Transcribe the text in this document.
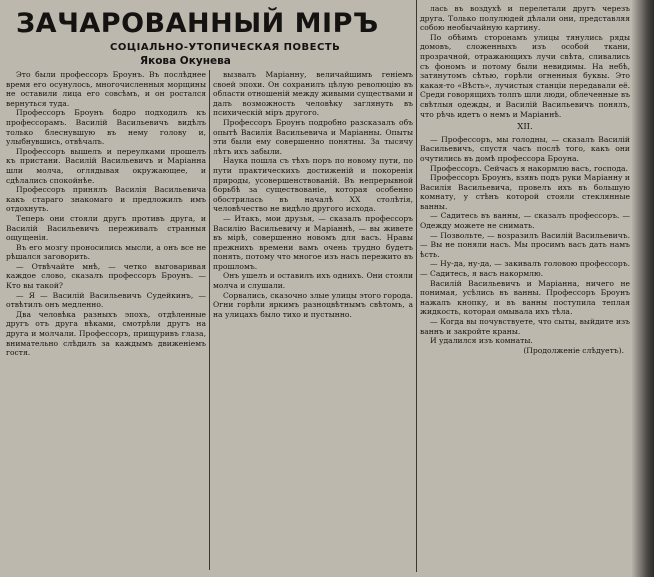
ЗАЧАРОВАННЫЙ МIРЪ
СОЦIАЛЬНО-УТОПИЧЕСКАЯ ПОВЕСТЬ
Якова Окунева

Это были профессоръ Броунъ. Въ послѣднее время его осунулось, многочисленныя морщины не оставили лица его совсѣмъ, и он ростался вернуться туда.

Профессоръ Броунъ бодро подходилъ къ профессорамъ. Василій Васильевичъ видѣлъ только блеснувшую въ нему голову и, улыбнувшись, отвѣчалъ.

Профессоръ вышелъ и переулками прошелъ къ пристани. Василій Васильевичъ и Марiанна шли молча, оглядывая окружающее, и сдѣлались спокойнѣе.

Профессоръ принялъ Василія Васильевича какъ стараго знакомаго и предложилъ имъ отдохнуть.

Теперь они стояли другъ противъ друга, и Василій Васильевичъ переживалъ странныя ощущенія.

Въ его мозгу проносились мысли, а онъ все не рѣшался заговорить.

— Отвѣчайте мнѣ, — четко выговаривая каждое слово, сказалъ профессоръ Броунъ. — Кто вы такой?

— Я — Василій Васильевичъ Судейкинъ, — отвѣтилъ онъ медленно.

Два человѣка разныхъ эпохъ, отдѣленные другъ отъ друга вѣками, смотрѣли другъ на друга и молчали. Профессоръ, прищуривъ глаза, внимательно слѣдилъ за каждымъ движенiемъ гостя.

вызвалъ Марiанну, величайшимъ генiемъ своей эпохи. Он сохранилъ цѣлую революцiю въ области отношенiй между живыми существами и далъ возможность человѣку заглянуть въ психическiй мiръ другого.

Профессоръ Броунъ подробно разсказалъ объ опытѣ Василія Васильевича и Марiанны. Опыты эти были ему совершенно понятны. За тысячу лѣтъ ихъ забыли.

Наука пошла съ тѣхъ поръ по новому пути, по пути практическихъ достиженiй и покоренiя природы, усовершенствованiй. Въ непрерывной борьбѣ за существованiе, которая особенно обострилась въ началѣ XX столѣтiя, человѣчество не видѣло другого исхода.

— Итакъ, мои друзья, — сказалъ профессоръ Василію Васильевичу и Марiаннѣ, — вы живете въ мiрѣ, совершенно новомъ для васъ. Нравы прежнихъ времени вамъ очень трудно будетъ понять, потому что многое изъ насъ пережито въ прошломъ.

Онъ ушелъ и оставилъ ихъ однихъ. Они стояли молча и слушали.

Сорвались, сказочно злые улицы этого города. Огни горѣли яркимъ разноцвѣтнымъ свѣтомъ, а на улицахъ было тихо и пустынно.

лась въ воздухѣ и перелетали другъ черезъ друга. Только полулюдей дѣлали они, представляя собою необычайную картину.

По обѣимъ сторонамъ улицы тянулись ряды домовъ, сложенныхъ изъ особой ткани, прозрачной, отражающихъ лучи свѣта, сливались съ фономъ и потому были невидимы. На небѣ, затянутомъ сѣтью, горѣли огненныя буквы. Это какая-то «Вѣсть», лучистыя станцiи передавали её. Среди говорящихъ толпъ шли люди, облеченные въ свѣтлыя одежды, и Василій Васильевичъ понялъ, что рѣчь идетъ о немъ и Марiаннѣ.

XII.

— Профессоръ, мы голодны, — сказалъ Василій Васильевичъ, спустя часъ послѣ того, какъ они очутились въ домѣ профессора Броуна.

Профессоръ. Сейчасъ я накормлю васъ, господа.

Профессоръ Броунъ, взявъ подъ руки Марiанну и Василія Васильевича, провелъ ихъ въ большую комнату, у стѣнъ которой стояли стеклянные ванны.

— Садитесь въ ванны, — сказалъ профессоръ. — Одежду можете не снимать.

— Позвольте, — возразилъ Василій Васильевичъ. — Вы не поняли насъ. Мы просимъ васъ дать намъ ѣсть.

— Ну-да, ну-да, — закивалъ головою профессоръ. — Садитесь, я васъ накормлю.

Василій Васильевичъ и Марiанна, ничего не понимая, усѣлись въ ванны. Профессоръ Броунъ нажалъ кнопку, и въ ванны поступила теплая жидкость, которая омывала ихъ тѣла.

— Когда вы почувствуете, что сыты, выйдите изъ ваннъ и закройте краны.

И удалился изъ комнаты.

(Продолженiе слѣдуетъ).
